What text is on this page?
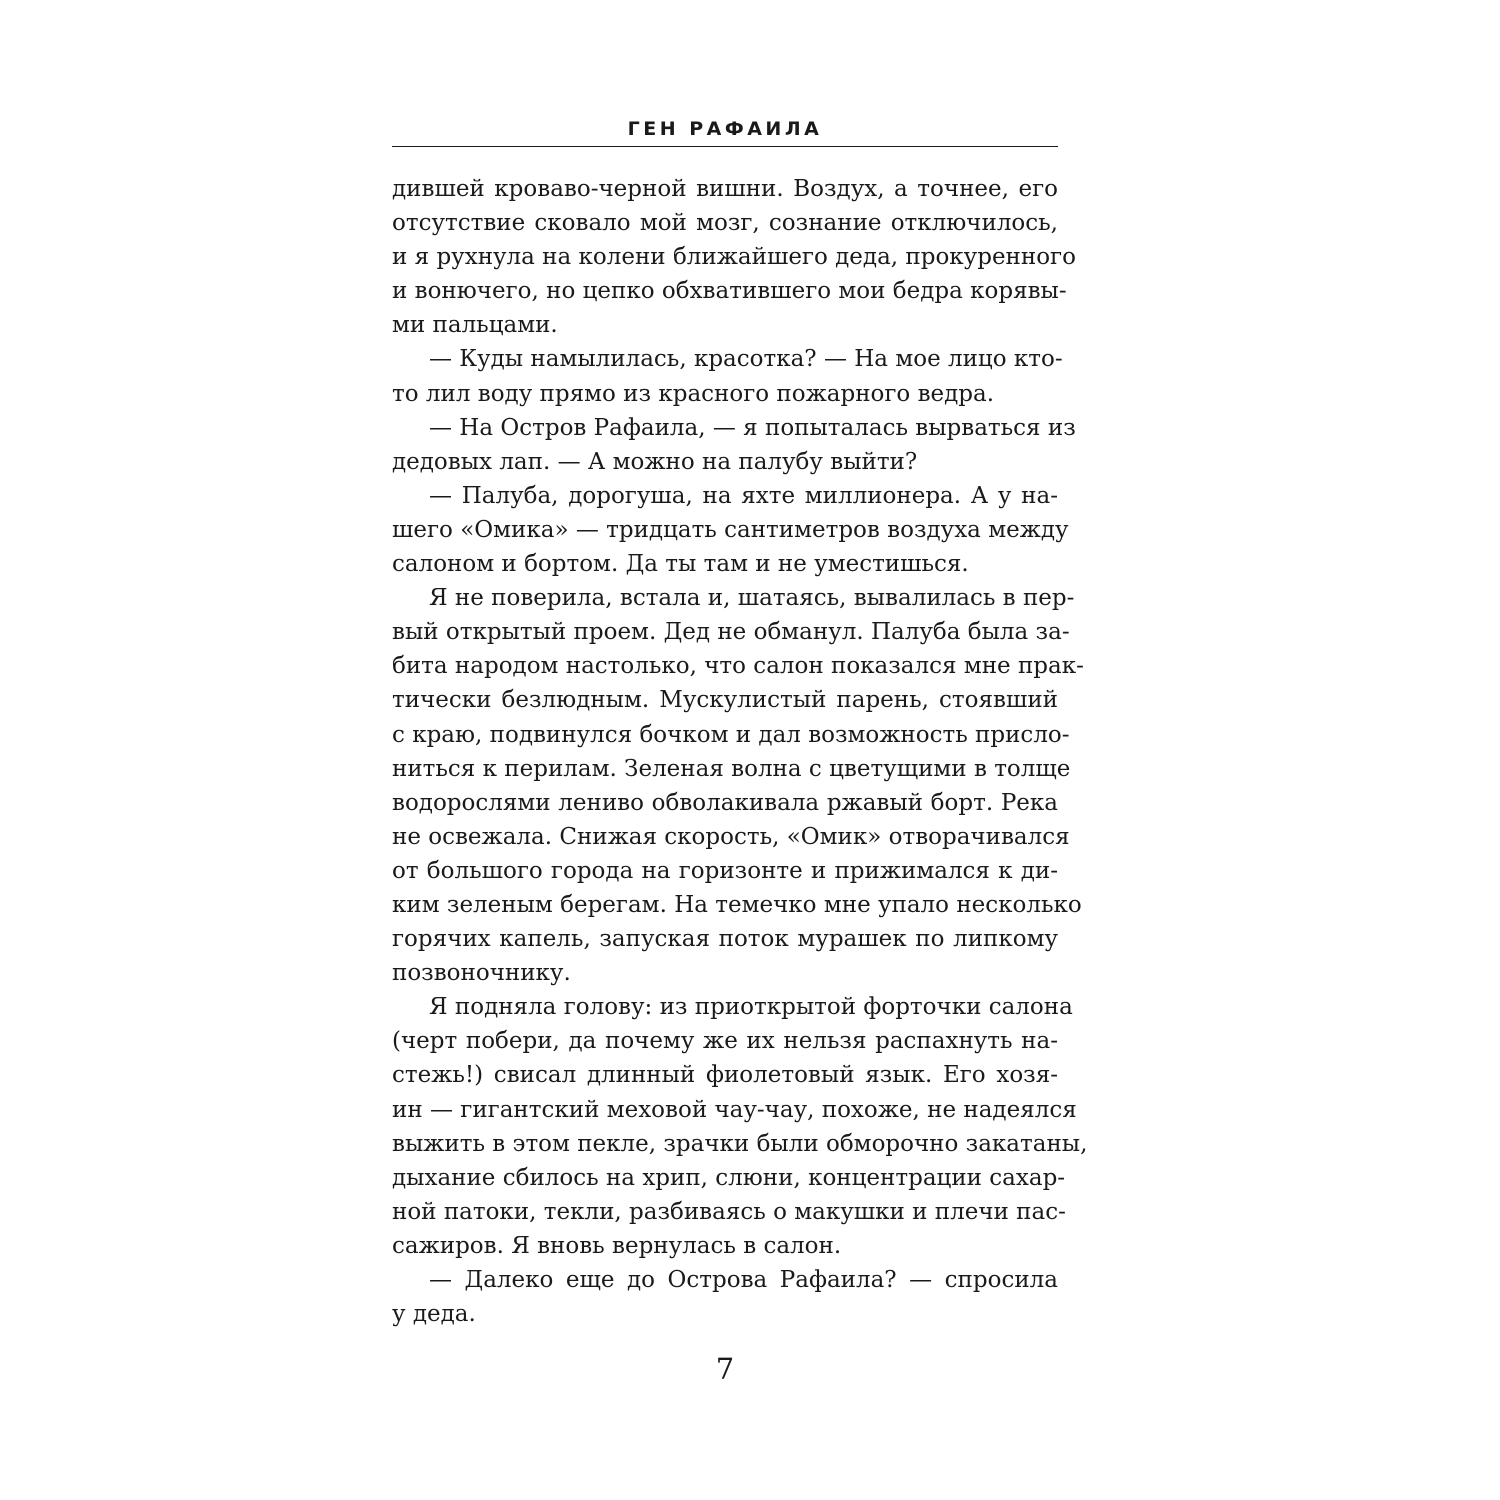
ГЕН РАФАИЛА
дившей кроваво-черной вишни. Воздух, а точнее, его
отсутствие сковало мой мозг, сознание отключилось,
и я рухнула на колени ближайшего деда, прокуренного
и вонючего, но цепко обхватившего мои бедра корявы-
ми пальцами.
— Куды намылилась, красотка? — На мое лицо кто-
то лил воду прямо из красного пожарного ведра.
— На Остров Рафаила, — я попыталась вырваться из
дедовых лап. — А можно на палубу выйти?
— Палуба, дорогуша, на яхте миллионера. А у на-
шего «Омика» — тридцать сантиметров воздуха между
салоном и бортом. Да ты там и не уместишься.
Я не поверила, встала и, шатаясь, вывалилась в пер-
вый открытый проем. Дед не обманул. Палуба была за-
бита народом настолько, что салон показался мне прак-
тически безлюдным. Мускулистый парень, стоявший
с краю, подвинулся бочком и дал возможность присло-
ниться к перилам. Зеленая волна с цветущими в толще
водорослями лениво обволакивала ржавый борт. Река
не освежала. Снижая скорость, «Омик» отворачивался
от большого города на горизонте и прижимался к ди-
ким зеленым берегам. На темечко мне упало несколько
горячих капель, запуская поток мурашек по липкому
позвоночнику.
Я подняла голову: из приоткрытой форточки салона
(черт побери, да почему же их нельзя распахнуть на-
стежь!) свисал длинный фиолетовый язык. Его хозя-
ин — гигантский меховой чау-чау, похоже, не надеялся
выжить в этом пекле, зрачки были обморочно закатаны,
дыхание сбилось на хрип, слюни, концентрации сахар-
ной патоки, текли, разбиваясь о макушки и плечи пас-
сажиров. Я вновь вернулась в салон.
— Далеко еще до Острова Рафаила? — спросила
у деда.
7
